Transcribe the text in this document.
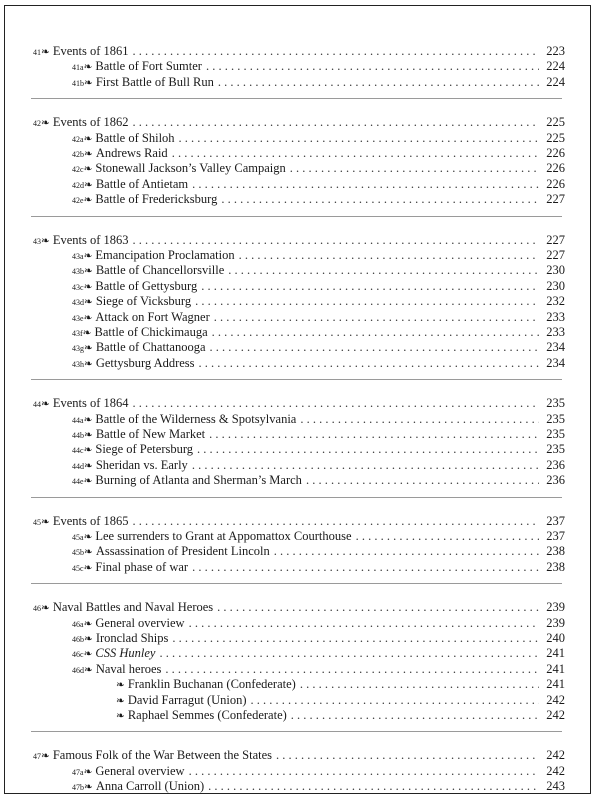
41❧ Events of 1861 . . .	223
41a❧ Battle of Fort Sumter . . .	224
41b❧ First Battle of Bull Run . . .	224
42❧ Events of 1862 . . .	225
42a❧ Battle of Shiloh . . .	225
42b❧ Andrews Raid . . .	226
42c❧ Stonewall Jackson’s Valley Campaign . . .	226
42d❧ Battle of Antietam . . .	226
42e❧ Battle of Fredericksburg . . .	227
43❧ Events of 1863 . . .	227
43a❧ Emancipation Proclamation . . .	227
43b❧ Battle of Chancellorsville . . .	230
43c❧ Battle of Gettysburg . . .	230
43d❧ Siege of Vicksburg . . .	232
43e❧ Attack on Fort Wagner . . .	233
43f❧ Battle of Chickimauga . . .	233
43g❧ Battle of Chattanooga . . .	234
43h❧ Gettysburg Address . . .	234
44❧ Events of 1864 . . .	235
44a❧ Battle of the Wilderness & Spotsylvania . . .	235
44b❧ Battle of New Market . . .	235
44c❧ Siege of Petersburg . . .	235
44d❧ Sheridan vs. Early . . .	236
44e❧ Burning of Atlanta and Sherman’s March . . .	236
45❧ Events of 1865 . . .	237
45a❧ Lee surrenders to Grant at Appomattox Courthouse . . .	237
45b❧ Assassination of President Lincoln . . .	238
45c❧ Final phase of war . . .	238
46❧ Naval Battles and Naval Heroes . . .	239
46a❧ General overview . . .	239
46b❧ Ironclad Ships . . .	240
46c❧ CSS Hunley . . .	241
46d❧ Naval heroes . . .	241
❧ Franklin Buchanan (Confederate) . . .	241
❧ David Farragut (Union) . . .	242
❧ Raphael Semmes (Confederate) . . .	242
47❧ Famous Folk of the War Between the States . . .	242
47a❧ General overview . . .	242
47b❧ Anna Carroll (Union) . . .	243
